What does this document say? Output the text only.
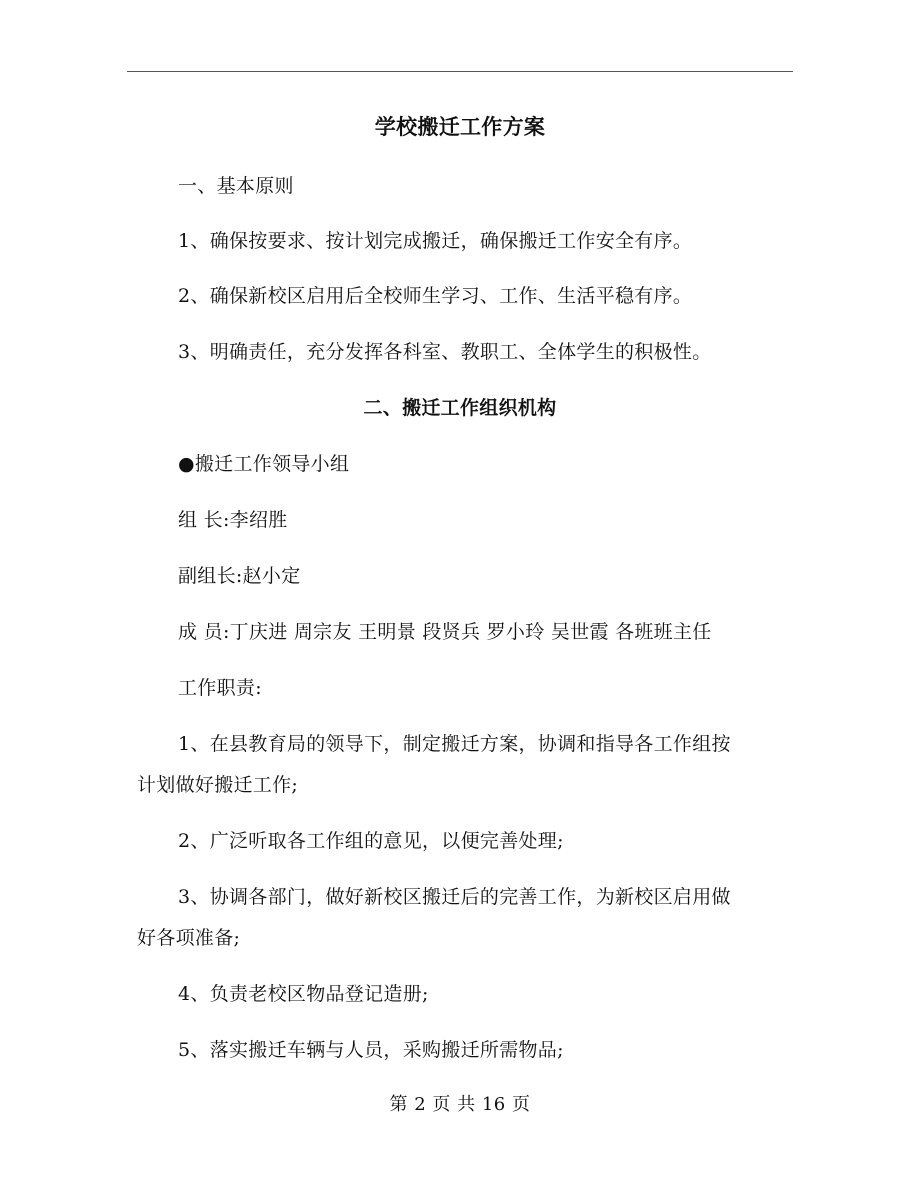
学校搬迁工作方案
一、基本原则
1、确保按要求、按计划完成搬迁，确保搬迁工作安全有序。
2、确保新校区启用后全校师生学习、工作、生活平稳有序。
3、明确责任，充分发挥各科室、教职工、全体学生的积极性。
二、搬迁工作组织机构
●搬迁工作领导小组
组 长:李绍胜
副组长:赵小定
成 员:丁庆进 周宗友 王明景 段贤兵 罗小玲 吴世霞 各班班主任
工作职责:
1、在县教育局的领导下，制定搬迁方案，协调和指导各工作组按
计划做好搬迁工作;
2、广泛听取各工作组的意见，以便完善处理;
3、协调各部门，做好新校区搬迁后的完善工作，为新校区启用做
好各项准备;
4、负责老校区物品登记造册;
5、落实搬迁车辆与人员，采购搬迁所需物品;
第 2 页 共 16 页
